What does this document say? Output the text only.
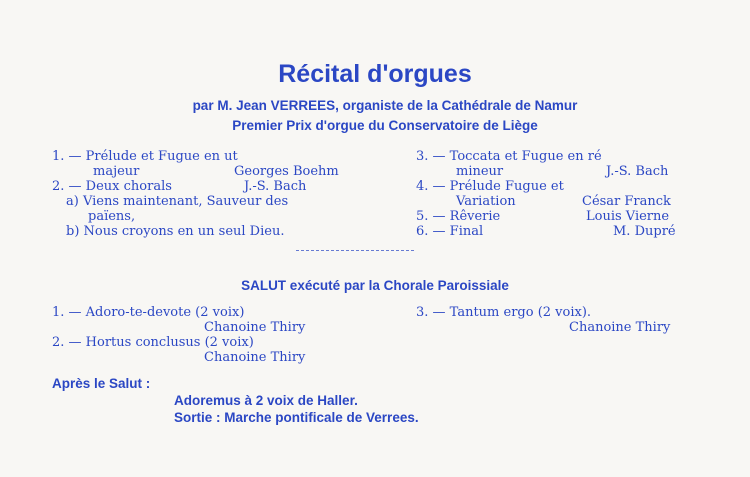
Récital d'orgues
par M. Jean VERREES, organiste de la Cathédrale de Namur
Premier Prix d'orgue du Conservatoire de Liège
1. — Prélude et Fugue en ut
majeur	Georges Boehm
2. — Deux chorals	J.-S. Bach
a) Viens maintenant, Sauveur des
païens,
b) Nous croyons en un seul Dieu.
3. — Toccata et Fugue en ré
mineur	J.-S. Bach
4. — Prélude Fugue et
Variation	César Franck
5. — Rêverie	Louis Vierne
6. — Final	M. Dupré
SALUT exécuté par la Chorale Paroissiale
1. — Adoro-te-devote (2 voix)
Chanoine Thiry
2. — Hortus conclusus (2 voix)
Chanoine Thiry
3. — Tantum ergo (2 voix).
Chanoine Thiry
Après le Salut :
Adoremus à 2 voix de Haller.
Sortie : Marche pontificale de Verrees.
